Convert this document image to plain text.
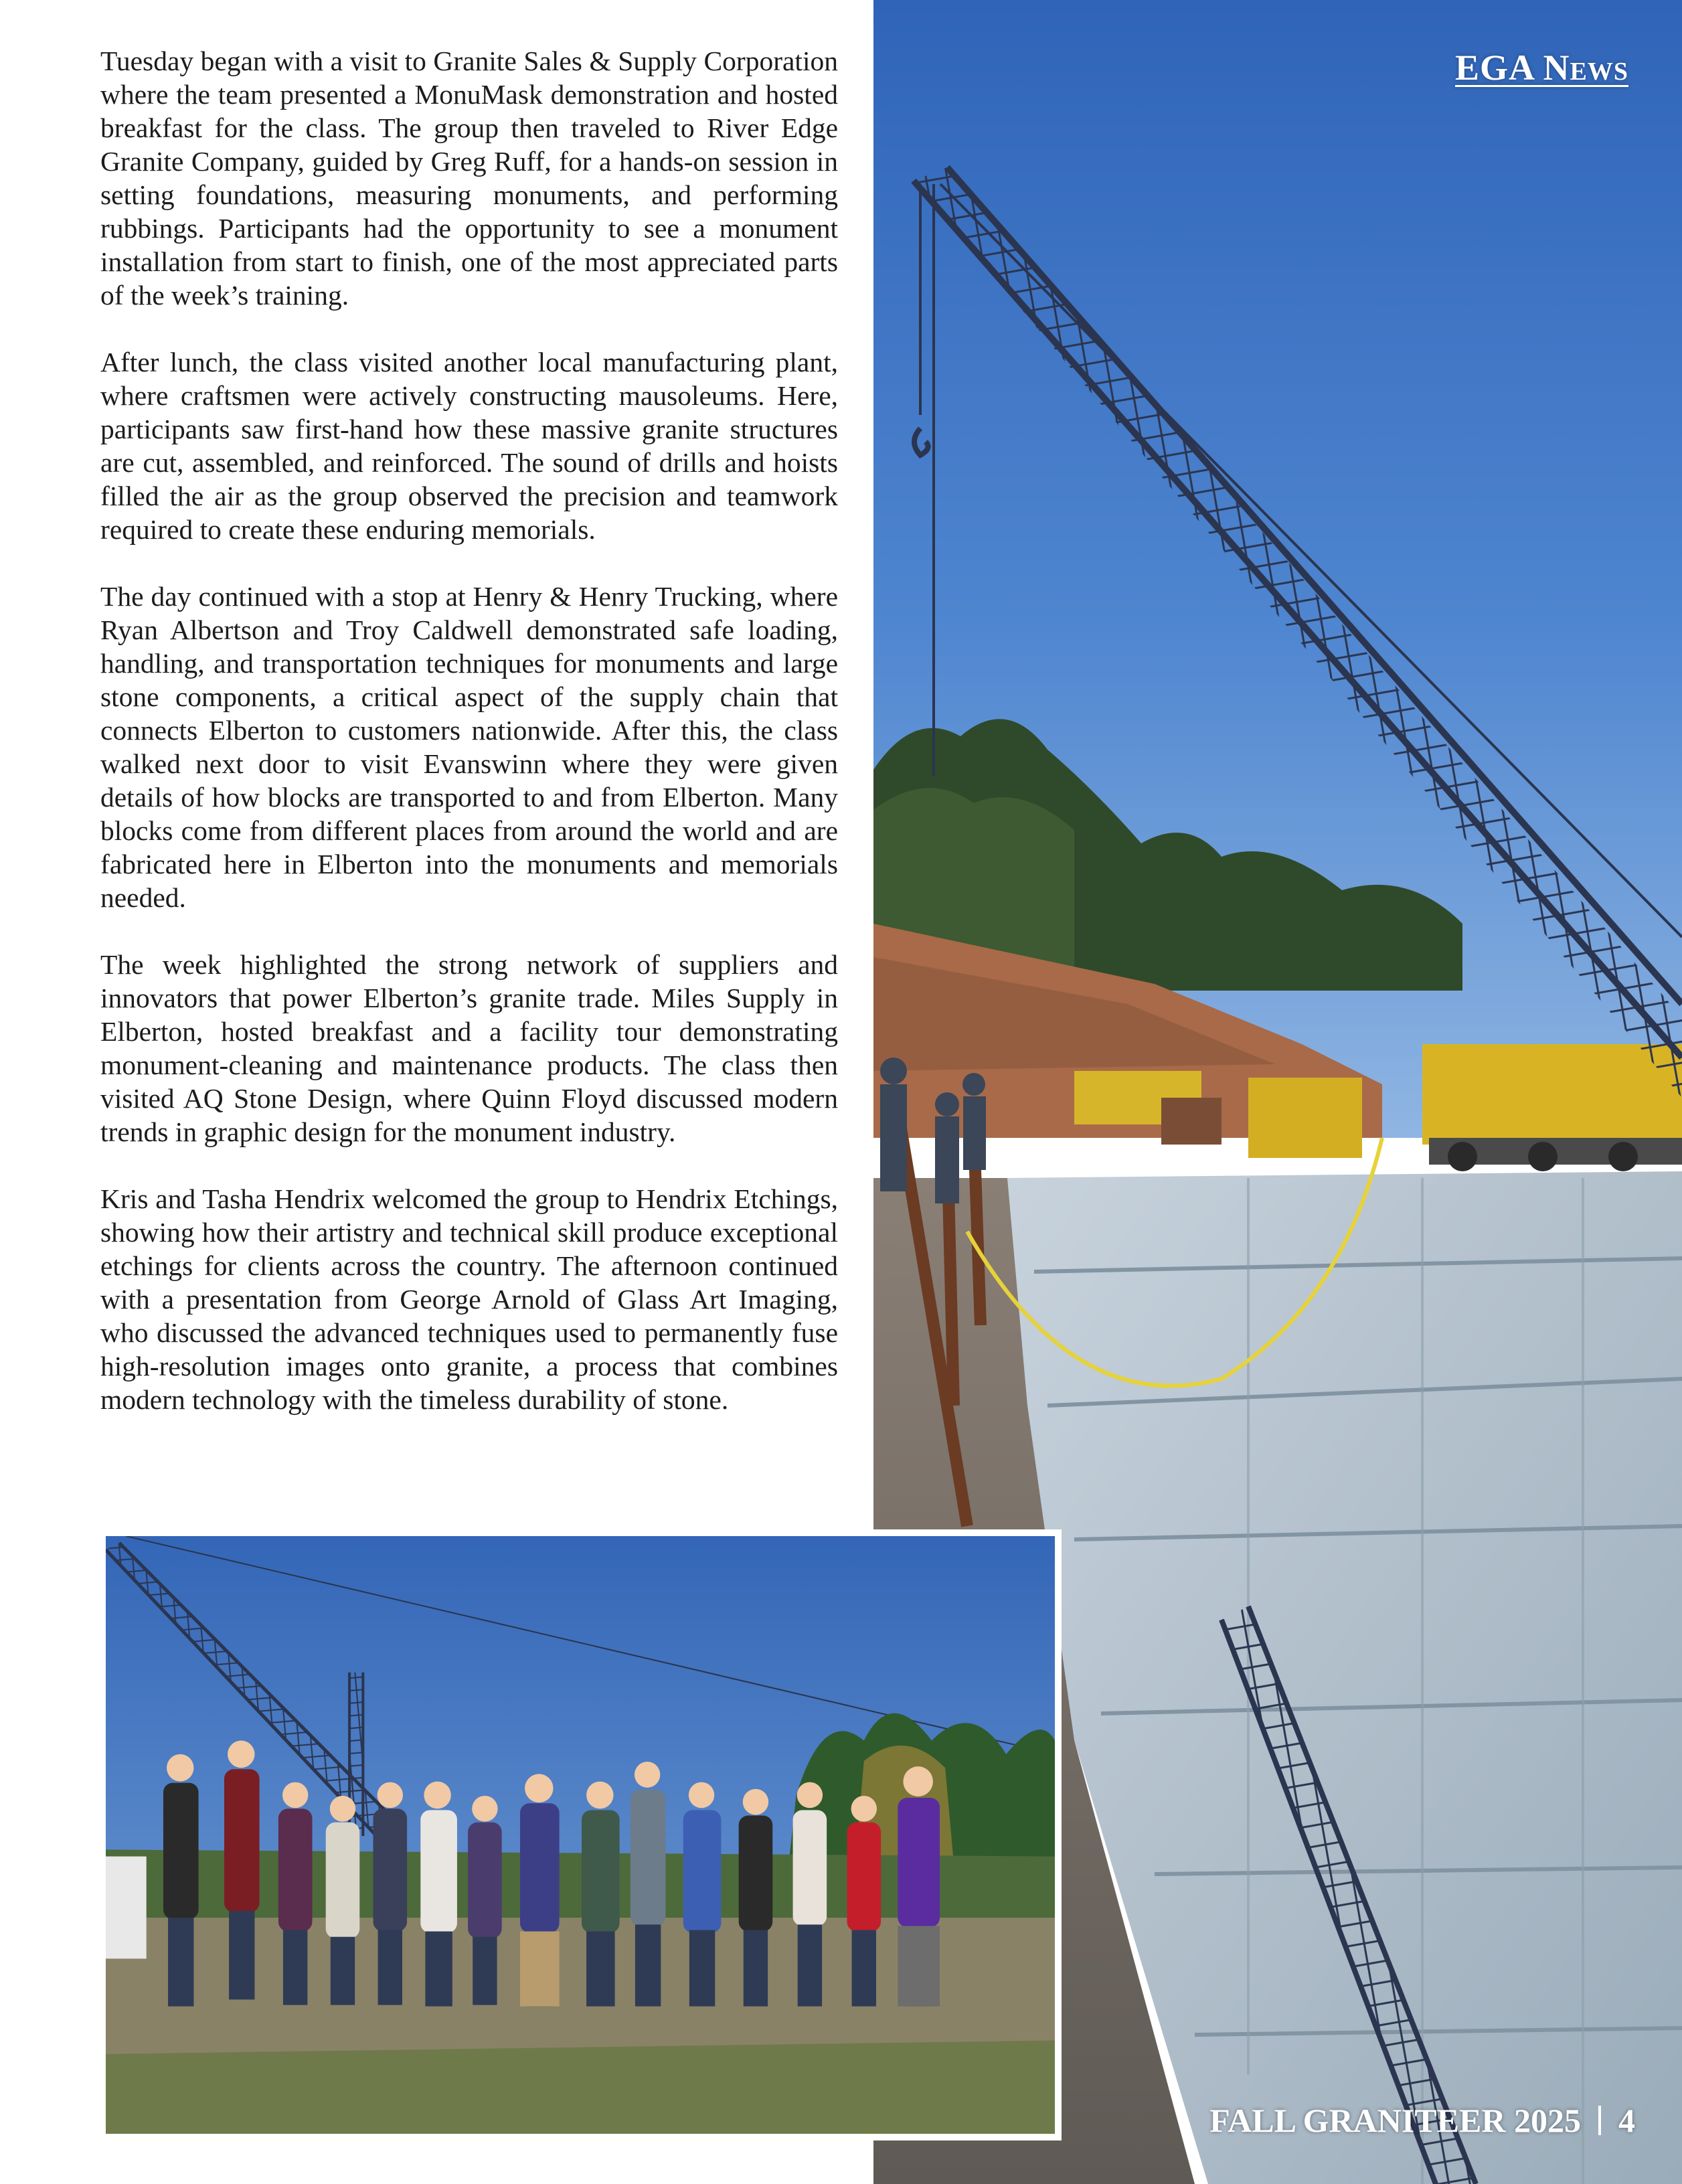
Tuesday began with a visit to Granite Sales & Supply Corporation where the team presented a MonuMask demonstration and hosted breakfast for the class. The group then traveled to River Edge Granite Company, guided by Greg Ruff, for a hands-on session in setting foundations, measuring monuments, and performing rubbings. Participants had the opportunity to see a monument installation from start to finish, one of the most appreciated parts of the week’s training.

After lunch, the class visited another local manufacturing plant, where craftsmen were actively constructing mausoleums. Here, participants saw first-hand how these massive granite structures are cut, assembled, and reinforced. The sound of drills and hoists filled the air as the group observed the precision and teamwork required to create these enduring memorials.

The day continued with a stop at Henry & Henry Trucking, where Ryan Albertson and Troy Caldwell demonstrated safe loading, handling, and transportation techniques for monuments and large stone components, a critical aspect of the supply chain that connects Elberton to customers nationwide. After this, the class walked next door to visit Evanswinn where they were given details of how blocks are transported to and from Elberton. Many blocks come from different places from around the world and are fabricated here in Elberton into the monuments and memorials needed.

The week highlighted the strong network of suppliers and innovators that power Elberton’s granite trade. Miles Supply in Elberton, hosted breakfast and a facility tour demonstrating monument-cleaning and maintenance products. The class then visited AQ Stone Design, where Quinn Floyd discussed modern trends in graphic design for the monument industry.

Kris and Tasha Hendrix welcomed the group to Hendrix Etchings, showing how their artistry and technical skill produce exceptional etchings for clients across the country. The afternoon continued with a presentation from George Arnold of Glass Art Imaging, who discussed the advanced techniques used to permanently fuse high-resolution images onto granite, a process that combines modern technology with the timeless durability of stone.

EGA News
FALL GRANITEER 2025 4
